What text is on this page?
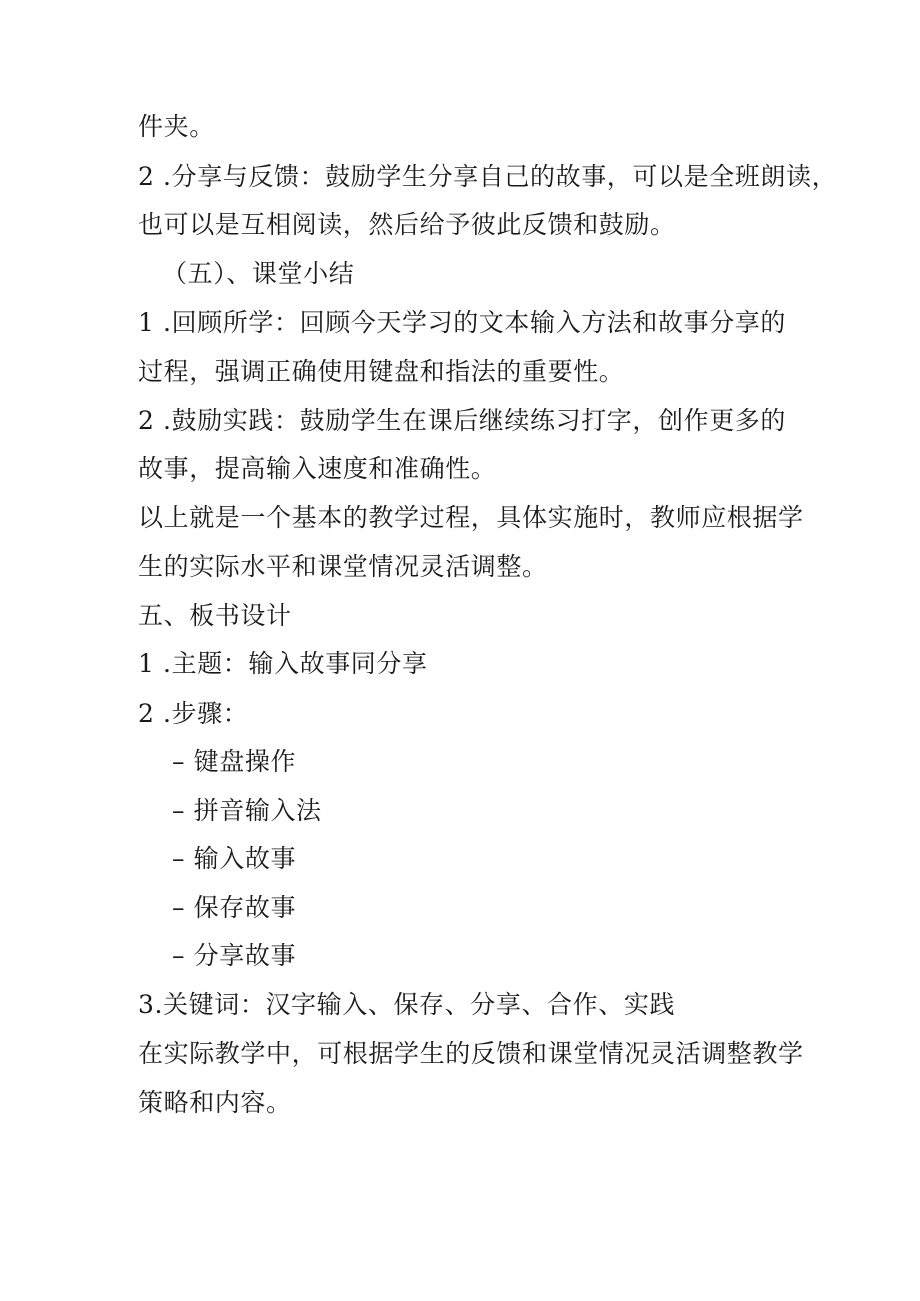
件夹。
2 .分享与反馈：鼓励学生分享自己的故事，可以是全班朗读，
也可以是互相阅读，然后给予彼此反馈和鼓励。
（五）、课堂小结
1 .回顾所学：回顾今天学习的文本输入方法和故事分享的
过程，强调正确使用键盘和指法的重要性。
2 .鼓励实践：鼓励学生在课后继续练习打字，创作更多的
故事，提高输入速度和准确性。
以上就是一个基本的教学过程，具体实施时，教师应根据学
生的实际水平和课堂情况灵活调整。
五、板书设计
1 .主题：输入故事同分享
2 .步骤：
– 键盘操作
– 拼音输入法
– 输入故事
– 保存故事
– 分享故事
3.关键词：汉字输入、保存、分享、合作、实践
在实际教学中，可根据学生的反馈和课堂情况灵活调整教学
策略和内容。
